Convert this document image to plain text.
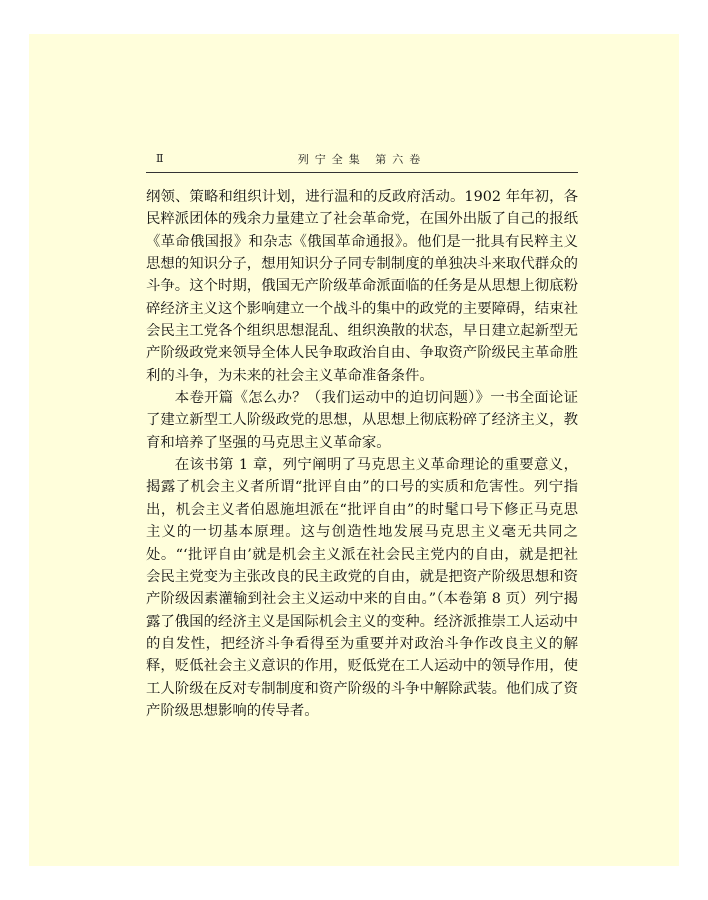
Ⅱ	列宁全集 第六卷

纲领、策略和组织计划，进行温和的反政府活动。1902 年年初，各民粹派团体的残余力量建立了社会革命党，在国外出版了自己的报纸《革命俄国报》和杂志《俄国革命通报》。他们是一批具有民粹主义思想的知识分子，想用知识分子同专制制度的单独决斗来取代群众的斗争。这个时期，俄国无产阶级革命派面临的任务是从思想上彻底粉碎经济主义这个影响建立一个战斗的集中的政党的主要障碍，结束社会民主工党各个组织思想混乱、组织涣散的状态，早日建立起新型无产阶级政党来领导全体人民争取政治自由、争取资产阶级民主革命胜利的斗争，为未来的社会主义革命准备条件。

本卷开篇《怎么办？（我们运动中的迫切问题）》一书全面论证了建立新型工人阶级政党的思想，从思想上彻底粉碎了经济主义，教育和培养了坚强的马克思主义革命家。

在该书第 1 章，列宁阐明了马克思主义革命理论的重要意义，揭露了机会主义者所谓“批评自由”的口号的实质和危害性。列宁指出，机会主义者伯恩施坦派在“批评自由”的时髦口号下修正马克思主义的一切基本原理。这与创造性地发展马克思主义毫无共同之处。“‘批评自由’就是机会主义派在社会民主党内的自由，就是把社会民主党变为主张改良的民主政党的自由，就是把资产阶级思想和资产阶级因素灌输到社会主义运动中来的自由。”（本卷第 8 页）列宁揭露了俄国的经济主义是国际机会主义的变种。经济派推崇工人运动中的自发性，把经济斗争看得至为重要并对政治斗争作改良主义的解释，贬低社会主义意识的作用，贬低党在工人运动中的领导作用，使工人阶级在反对专制制度和资产阶级的斗争中解除武装。他们成了资产阶级思想影响的传导者。
